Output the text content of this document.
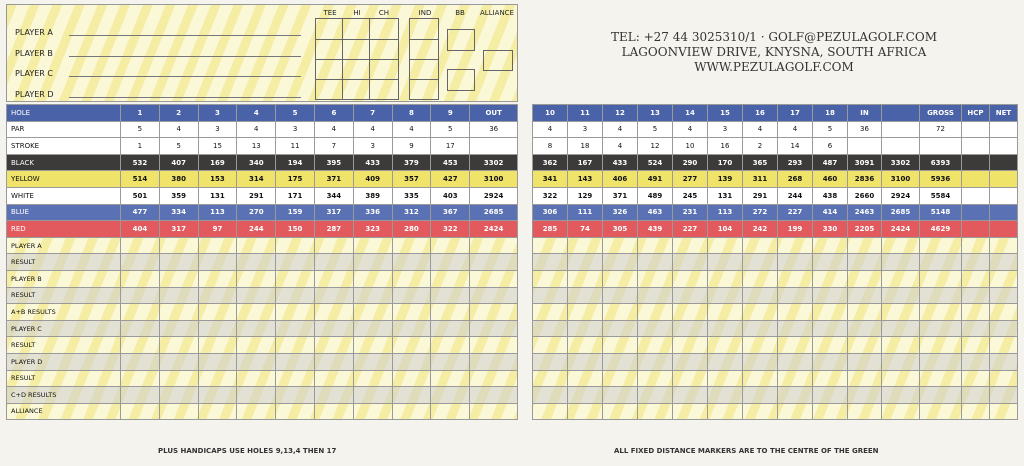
PLAYER A
PLAYER B
PLAYER C
PLAYER D
TEE	HI	CH	IND	BB	ALLIANCE
HOLE	1	2	3	4	5	6	7	8	9	OUT
PAR	5	4	3	4	3	4	4	4	5	36
STROKE	1	5	15	13	11	7	3	9	17	
BLACK	532	407	169	340	194	395	433	379	453	3302
YELLOW	514	380	153	314	175	371	409	357	427	3100
WHITE	501	359	131	291	171	344	389	335	403	2924
BLUE	477	334	113	270	159	317	336	312	367	2685
RED	404	317	97	244	150	287	323	280	322	2424
PLAYER A										
RESULT										
PLAYER B										
RESULT										
A+B RESULTS										
PLAYER C										
RESULT										
PLAYER D										
RESULT										
C+D RESULTS										
ALLIANCE										
TEL: +27 44 3025310/1 · GOLF@PEZULAGOLF.COM
LAGOONVIEW DRIVE, KNYSNA, SOUTH AFRICA
WWW.PEZULAGOLF.COM
10	11	12	13	14	15	16	17	18	IN		GROSS	HCP	NET
4	3	4	5	4	3	4	4	5	36		72		
8	18	4	12	10	16	2	14	6					
362	167	433	524	290	170	365	293	487	3091	3302	6393		
341	143	406	491	277	139	311	268	460	2836	3100	5936		
322	129	371	489	245	131	291	244	438	2660	2924	5584		
306	111	326	463	231	113	272	227	414	2463	2685	5148		
285	74	305	439	227	104	242	199	330	2205	2424	4629		

PLUS HANDICAPS USE HOLES 9,13,4 THEN 17	ALL FIXED DISTANCE MARKERS ARE TO THE CENTRE OF THE GREEN
